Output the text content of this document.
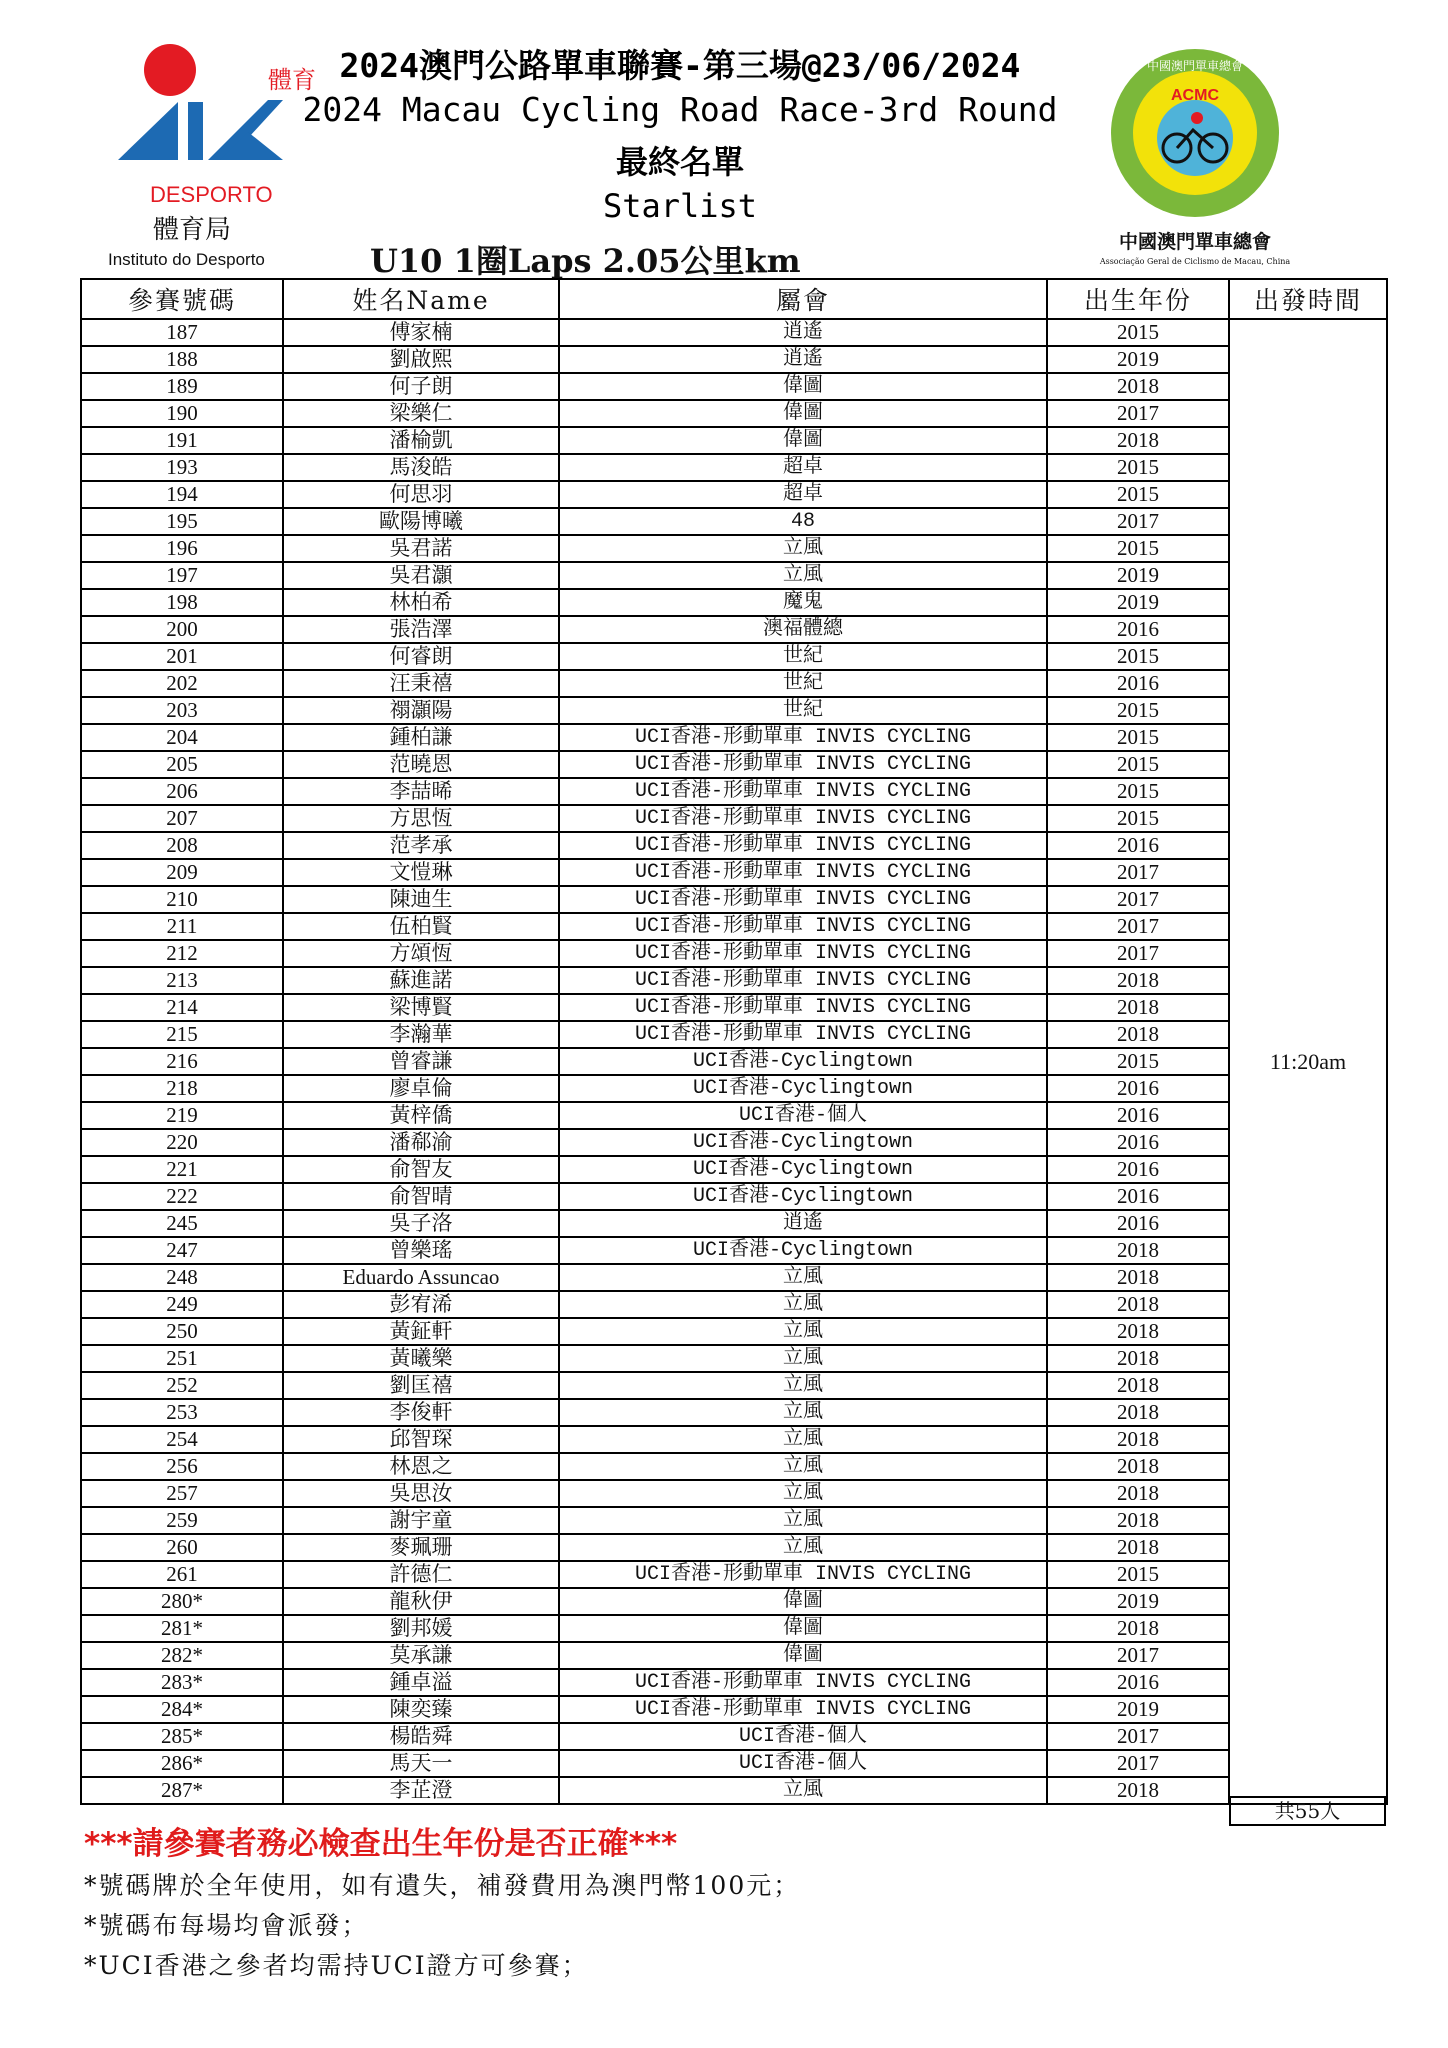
體育
DESPORTO
體育局
Instituto do Desporto
中國澳門單車總會
ACMC
中國澳門單車總會
Associação Geral de Ciclismo de Macau, China
2024澳門公路單車聯賽-第三場@23/06/2024
2024 Macau Cycling Road Race-3rd Round
最終名單
Starlist
U10 1圈Laps 2.05公里km
參賽號碼	姓名Name	屬會	出生年份	出發時間
187	傅家楠	逍遙	2015	11:20am
188	劉啟熙	逍遙	2019	
189	何子朗	偉圖	2018	
190	梁樂仁	偉圖	2017	
191	潘榆凱	偉圖	2018	
193	馬浚皓	超卓	2015	
194	何思羽	超卓	2015	
195	歐陽博曦	48	2017	
196	吳君諾	立風	2015	
197	吳君灝	立風	2019	
198	林柏希	魔鬼	2019	
200	張浩澤	澳福體總	2016	
201	何睿朗	世紀	2015	
202	汪秉禧	世紀	2016	
203	禤灝陽	世紀	2015	
204	鍾柏謙	UCI香港-形動單車 INVIS CYCLING	2015	
205	范曉恩	UCI香港-形動單車 INVIS CYCLING	2015	
206	李喆晞	UCI香港-形動單車 INVIS CYCLING	2015	
207	方思恆	UCI香港-形動單車 INVIS CYCLING	2015	
208	范孝承	UCI香港-形動單車 INVIS CYCLING	2016	
209	文愷琳	UCI香港-形動單車 INVIS CYCLING	2017	
210	陳迪生	UCI香港-形動單車 INVIS CYCLING	2017	
211	伍柏賢	UCI香港-形動單車 INVIS CYCLING	2017	
212	方頌恆	UCI香港-形動單車 INVIS CYCLING	2017	
213	蘇進諾	UCI香港-形動單車 INVIS CYCLING	2018	
214	梁博賢	UCI香港-形動單車 INVIS CYCLING	2018	
215	李瀚華	UCI香港-形動單車 INVIS CYCLING	2018	
216	曾睿謙	UCI香港-Cyclingtown	2015	
218	廖卓倫	UCI香港-Cyclingtown	2016	
219	黃梓僑	UCI香港-個人	2016	
220	潘郗渝	UCI香港-Cyclingtown	2016	
221	俞智友	UCI香港-Cyclingtown	2016	
222	俞智晴	UCI香港-Cyclingtown	2016	
245	吳子洛	逍遙	2016	
247	曾樂瑤	UCI香港-Cyclingtown	2018	
248	Eduardo Assuncao	立風	2018	
249	彭宥浠	立風	2018	
250	黃鉦軒	立風	2018	
251	黃曦樂	立風	2018	
252	劉匡禧	立風	2018	
253	李俊軒	立風	2018	
254	邱智琛	立風	2018	
256	林恩之	立風	2018	
257	吳思汝	立風	2018	
259	謝宇童	立風	2018	
260	麥珮珊	立風	2018	
261	許德仁	UCI香港-形動單車 INVIS CYCLING	2015	
280*	龍秋伊	偉圖	2019	
281*	劉邦媛	偉圖	2018	
282*	莫承謙	偉圖	2017	
283*	鍾卓溢	UCI香港-形動單車 INVIS CYCLING	2016	
284*	陳奕臻	UCI香港-形動單車 INVIS CYCLING	2019	
285*	楊皓舜	UCI香港-個人	2017	
286*	馬天一	UCI香港-個人	2017	
287*	李芷澄	立風	2018	
共55人
***請參賽者務必檢查出生年份是否正確***
*號碼牌於全年使用，如有遺失，補發費用為澳門幣100元；
*號碼布每場均會派發；
*UCI香港之參者均需持UCI證方可參賽；
